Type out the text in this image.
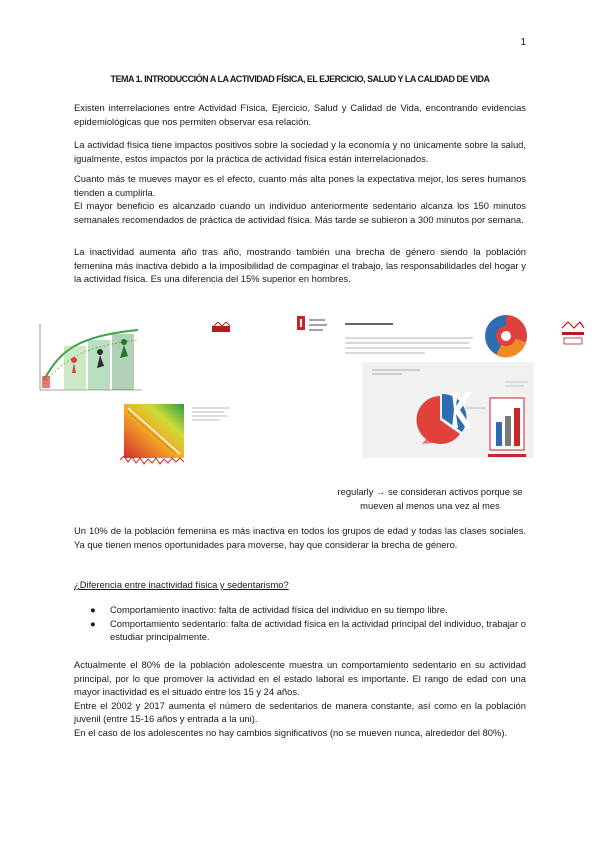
1
TEMA 1. INTRODUCCIÓN A LA ACTIVIDAD FÍSICA, EL EJERCICIO, SALUD Y LA CALIDAD DE VIDA
Existen interrelaciones entre Actividad Física, Ejercicio, Salud y Calidad de Vida, encontrando evidencias epidemiológicas que nos permiten observar esa relación.
La actividad física tiene impactos positivos sobre la sociedad y la economía y no únicamente sobre la salud, igualmente, estos impactos por la práctica de actividad física están interrelacionados.
Cuanto más te mueves mayor es el efecto, cuanto más alta pones la expectativa mejor, los seres humanos tienden a cumplirla.
El mayor beneficio es alcanzado cuando un individuo anteriormente sedentario alcanza los 150 minutos semanales recomendados de práctica de actividad física. Más tarde se subieron a 300 minutos por semana.
La inactividad aumenta año tras año, mostrando también una brecha de género siendo la población femenina más inactiva debido a la imposibilidad de compaginar el trabajo, las responsabilidades del hogar y la actividad física. Es una diferencia del 15% superior en hombres.

regularly → se consideran activos porque se mueven al menos una vez al mes
Un 10% de la población femenina es más inactiva en todos los grupos de edad y todas las clases sociales. Ya que tienen menos oportunidades para moverse, hay que considerar la brecha de género.
¿Diferencia entre inactividad física y sedentarismo?
● Comportamiento inactivo: falta de actividad física del individuo en su tiempo libre.
● Comportamiento sedentario: falta de actividad física en la actividad principal del individuo, trabajar o estudiar principalmente.
Actualmente el 80% de la población adolescente muestra un comportamiento sedentario en su actividad principal, por lo que promover la actividad en el estado laboral es importante. El rango de edad con una mayor inactividad es el situado entre los 15 y 24 años.
Entre el 2002 y 2017 aumenta el número de sedentarios de manera constante, así como en la población juvenil (entre 15-16 años y entrada a la uni).
En el caso de los adolescentes no hay cambios significativos (no se mueven nunca, alrededor del 80%).
